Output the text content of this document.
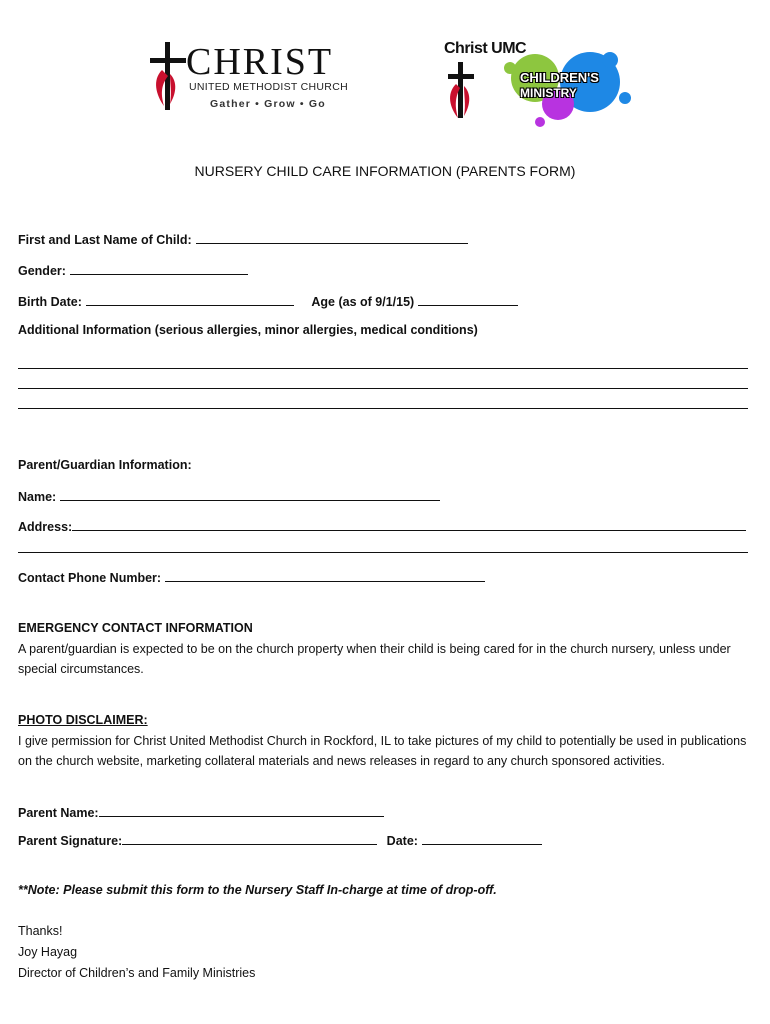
CHRIST
UNITED METHODIST CHURCH
Gather • Grow • Go
Christ UMC
CHILDREN'S
MINISTRY
NURSERY CHILD CARE INFORMATION (PARENTS FORM)
First and Last Name of Child:
Gender:
Birth Date:	Age (as of 9/1/15)
Additional Information (serious allergies, minor allergies, medical conditions)
Parent/Guardian Information:
Name:
Address:
Contact Phone Number:
EMERGENCY CONTACT INFORMATION
A parent/guardian is expected to be on the church property when their child is being cared for in the church nursery, unless under special circumstances.
PHOTO DISCLAIMER:
I give permission for Christ United Methodist Church in Rockford, IL to take pictures of my child to potentially be used in publications on the church website, marketing collateral materials and news releases in regard to any church sponsored activities.
Parent Name:
Parent Signature:	Date:
**Note: Please submit this form to the Nursery Staff In-charge at time of drop-off.
Thanks!
Joy Hayag
Director of Children’s and Family Ministries
